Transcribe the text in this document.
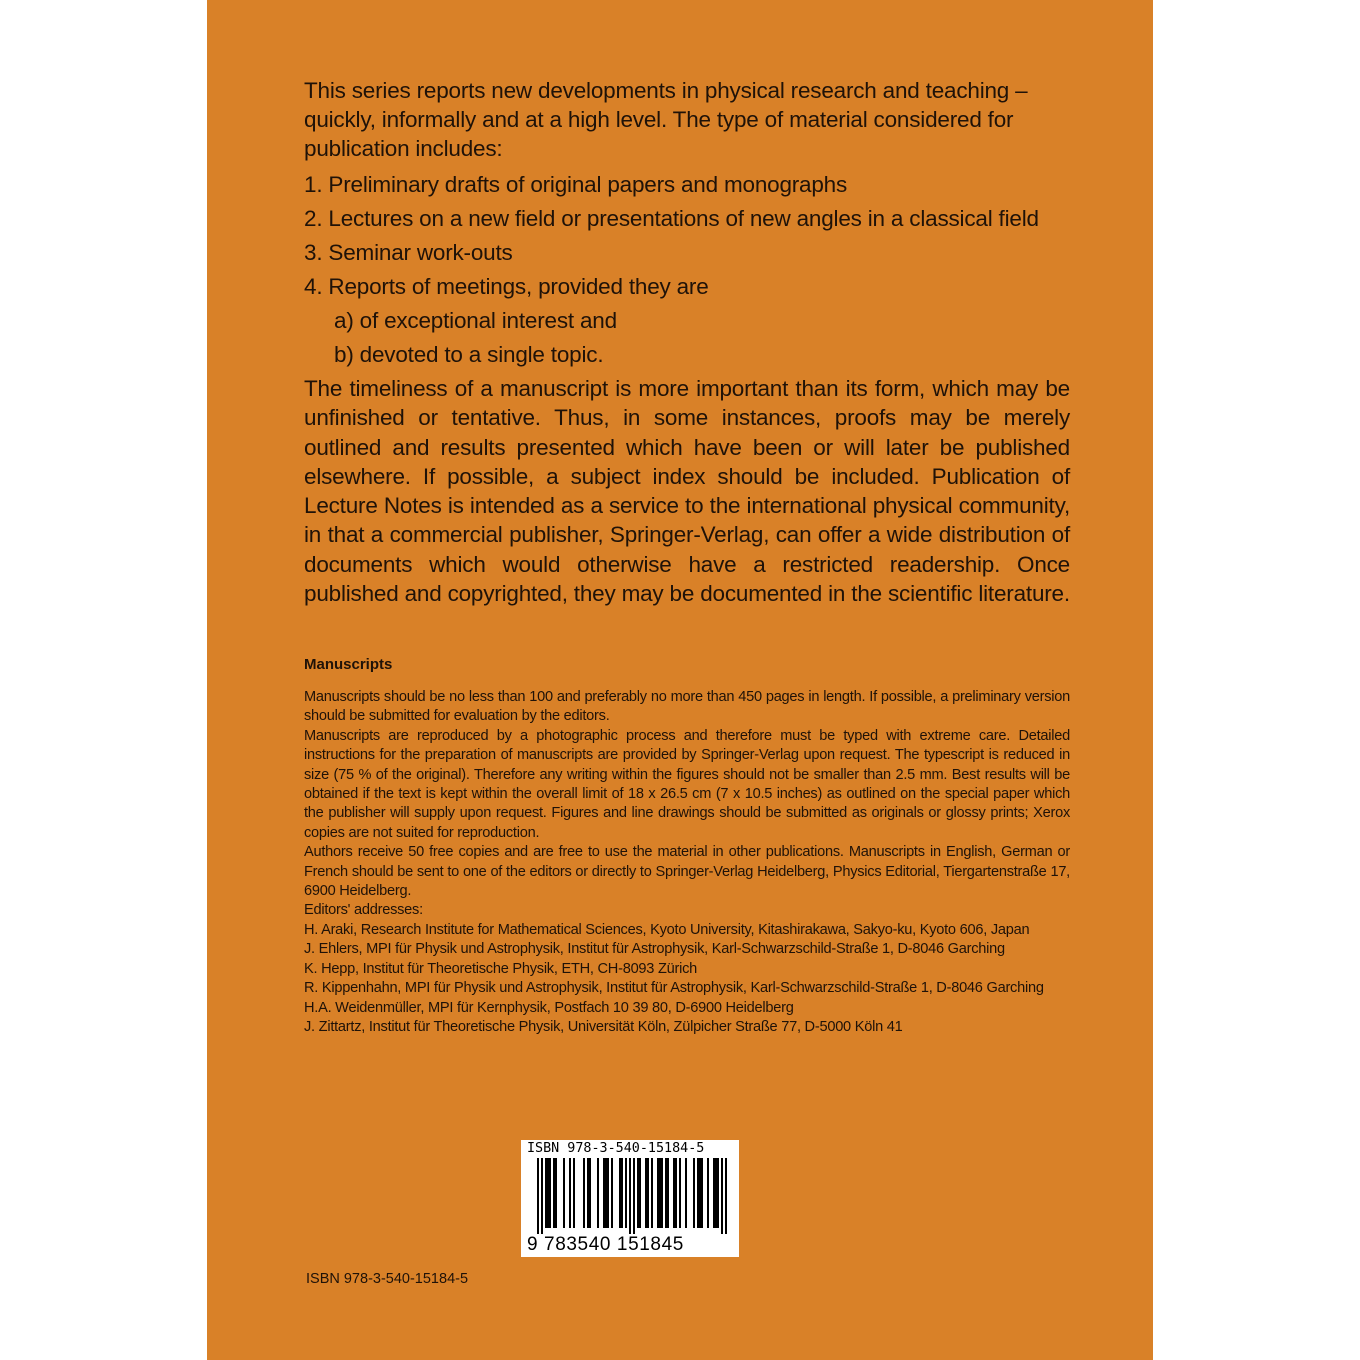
This series reports new developments in physical research and teaching – quickly, informally and at a high level. The type of material considered for publication includes:

1. Preliminary drafts of original papers and monographs
2. Lectures on a new field or presentations of new angles in a classical field
3. Seminar work-outs
4. Reports of meetings, provided they are
a) of exceptional interest and
b) devoted to a single topic.
The timeliness of a manuscript is more important than its form, which may be unfinished or tentative. Thus, in some instances, proofs may be merely outlined and results presented which have been or will later be published elsewhere. If possible, a subject index should be included. Publication of Lecture Notes is intended as a service to the international physical community, in that a commercial publisher, Springer-Verlag, can offer a wide distribution of documents which would otherwise have a restricted readership. Once published and copyrighted, they may be documented in the scientific literature.
Manuscripts

Manuscripts should be no less than 100 and preferably no more than 450 pages in length. If possible, a preliminary version should be submitted for evaluation by the editors.

Manuscripts are reproduced by a photographic process and therefore must be typed with extreme care. Detailed instructions for the preparation of manuscripts are provided by Springer-Verlag upon request. The typescript is reduced in size (75 % of the original). Therefore any writing within the figures should not be smaller than 2.5 mm. Best results will be obtained if the text is kept within the overall limit of 18 x 26.5 cm (7 x 10.5 inches) as outlined on the special paper which the publisher will supply upon request. Figures and line drawings should be submitted as originals or glossy prints; Xerox copies are not suited for reproduction.

Authors receive 50 free copies and are free to use the material in other publications. Manuscripts in English, German or French should be sent to one of the editors or directly to Springer-Verlag Heidelberg, Physics Editorial, Tiergartenstraße 17, 6900 Heidelberg.

Editors' addresses:

H. Araki, Research Institute for Mathematical Sciences, Kyoto University, Kitashirakawa, Sakyo-ku, Kyoto 606, Japan

J. Ehlers, MPI für Physik und Astrophysik, Institut für Astrophysik, Karl-Schwarzschild-Straße 1, D-8046 Garching

K. Hepp, Institut für Theoretische Physik, ETH, CH-8093 Zürich

R. Kippenhahn, MPI für Physik und Astrophysik, Institut für Astrophysik, Karl-Schwarzschild-Straße 1, D-8046 Garching

H.A. Weidenmüller, MPI für Kernphysik, Postfach 10 39 80, D-6900 Heidelberg

J. Zittartz, Institut für Theoretische Physik, Universität Köln, Zülpicher Straße 77, D-5000 Köln 41

ISBN 978-3-540-15184-5
9 783540 151845
ISBN 978-3-540-15184-5
